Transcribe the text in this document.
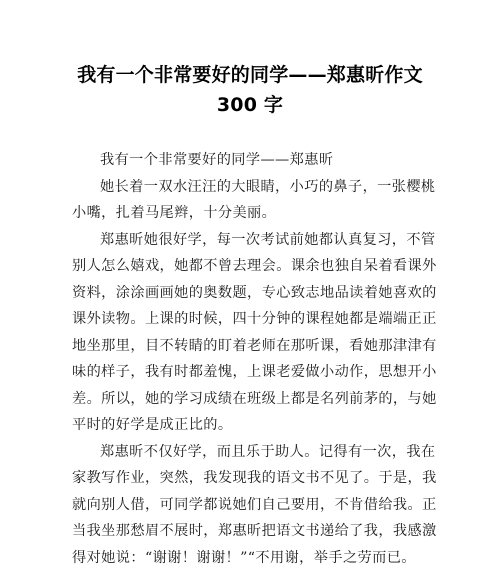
我有一个非常要好的同学——郑惠昕作文
300 字
我有一个非常要好的同学——郑惠昕
她长着一双水汪汪的大眼睛，小巧的鼻子，一张樱桃
小嘴，扎着马尾辫，十分美丽。
郑惠昕她很好学，每一次考试前她都认真复习，不管
别人怎么嬉戏，她都不曾去理会。课余也独自呆着看课外
资料，涂涂画画她的奥数题，专心致志地品读着她喜欢的
课外读物。上课的时候，四十分钟的课程她都是端端正正
地坐那里，目不转睛的盯着老师在那听课，看她那津津有
味的样子，我有时都羞愧，上课老爱做小动作，思想开小
差。所以，她的学习成绩在班级上都是名列前茅的，与她
平时的好学是成正比的。
郑惠昕不仅好学，而且乐于助人。记得有一次，我在
家教写作业，突然，我发现我的语文书不见了。于是，我
就向别人借，可同学都说她们自己要用，不肯借给我。正
当我坐那愁眉不展时，郑惠昕把语文书递给了我，我感激
得对她说：“谢谢！谢谢！”“不用谢，举手之劳而已。
